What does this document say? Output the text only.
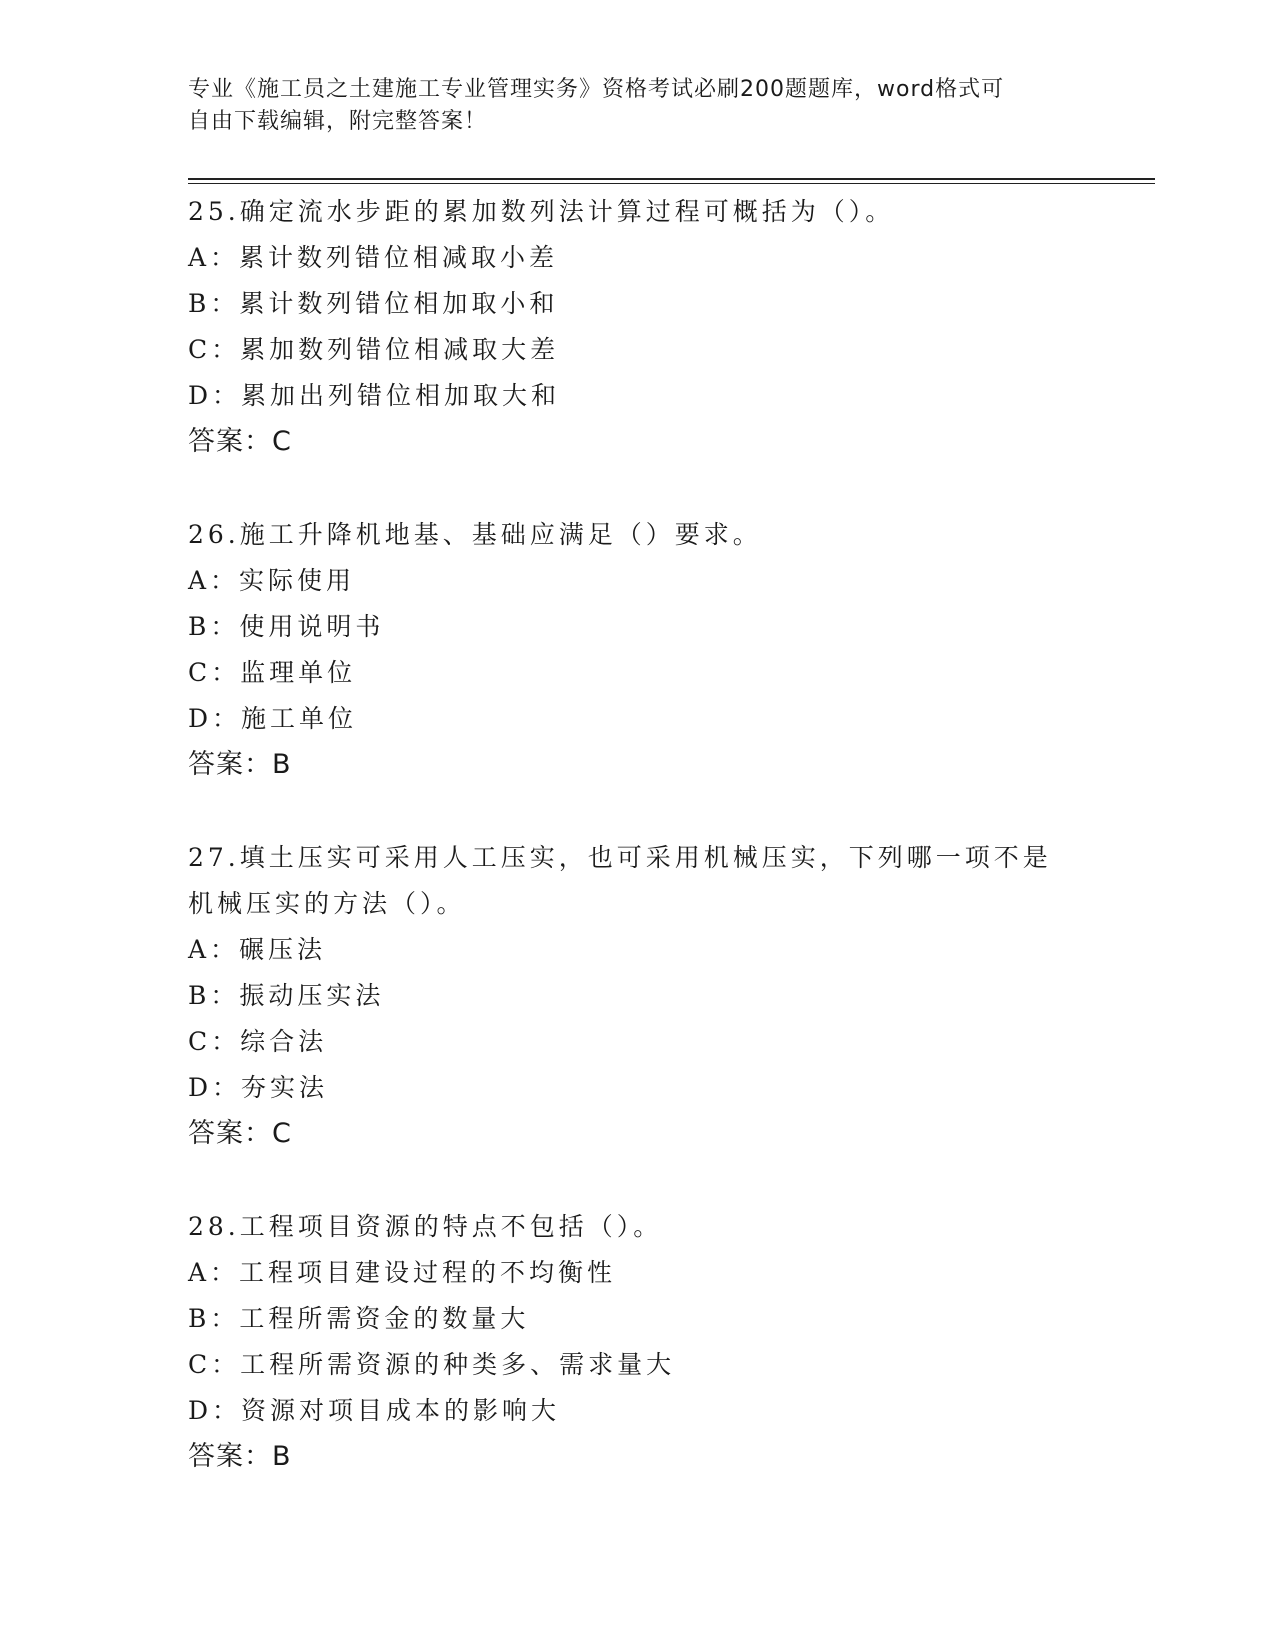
专业《施工员之土建施工专业管理实务》资格考试必刷200题题库，word格式可
自由下载编辑，附完整答案！
25.确定流水步距的累加数列法计算过程可概括为（）。
A：累计数列错位相减取小差
B：累计数列错位相加取小和
C：累加数列错位相减取大差
D：累加出列错位相加取大和
答案：C
26.施工升降机地基、基础应满足（）要求。
A：实际使用
B：使用说明书
C：监理单位
D：施工单位
答案：B
27.填土压实可采用人工压实，也可采用机械压实，下列哪一项不是机械压实的方法（）。
A：碾压法
B：振动压实法
C：综合法
D：夯实法
答案：C
28.工程项目资源的特点不包括（）。
A：工程项目建设过程的不均衡性
B：工程所需资金的数量大
C：工程所需资源的种类多、需求量大
D：资源对项目成本的影响大
答案：B
